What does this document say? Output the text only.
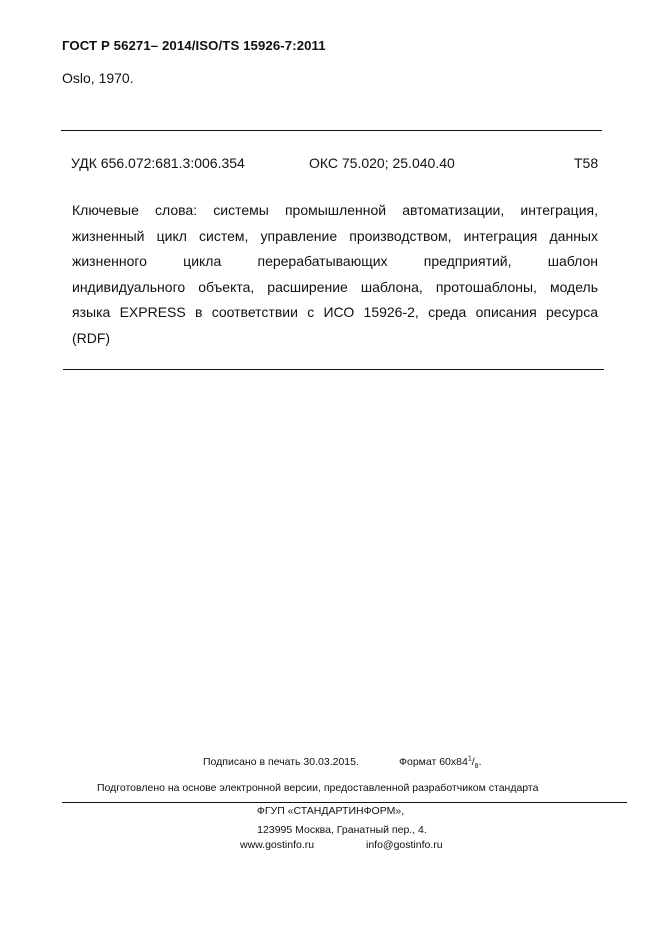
ГОСТ Р 56271– 2014/ISO/TS 15926-7:2011
Oslo, 1970.
УДК 656.072:681.3:006.354	ОКС 75.020; 25.040.40	Т58
Ключевые слова: системы промышленной автоматизации, интеграция,
жизненный цикл систем, управление производством, интеграция данных
жизненного цикла перерабатывающих предприятий, шаблон
индивидуального объекта, расширение шаблона, протошаблоны, модель
языка EXPRESS в соответствии с ИСО 15926-2, среда описания ресурса
(RDF)
Подписано в печать 30.03.2015.	Формат $60х84^1/_8$.
Подготовлено на основе электронной версии, предоставленной разработчиком стандарта
ФГУП «СТАНДАРТИНФОРМ»,
123995 Москва, Гранатный пер., 4.
www.gostinfo.ru	info@gostinfo.ru
